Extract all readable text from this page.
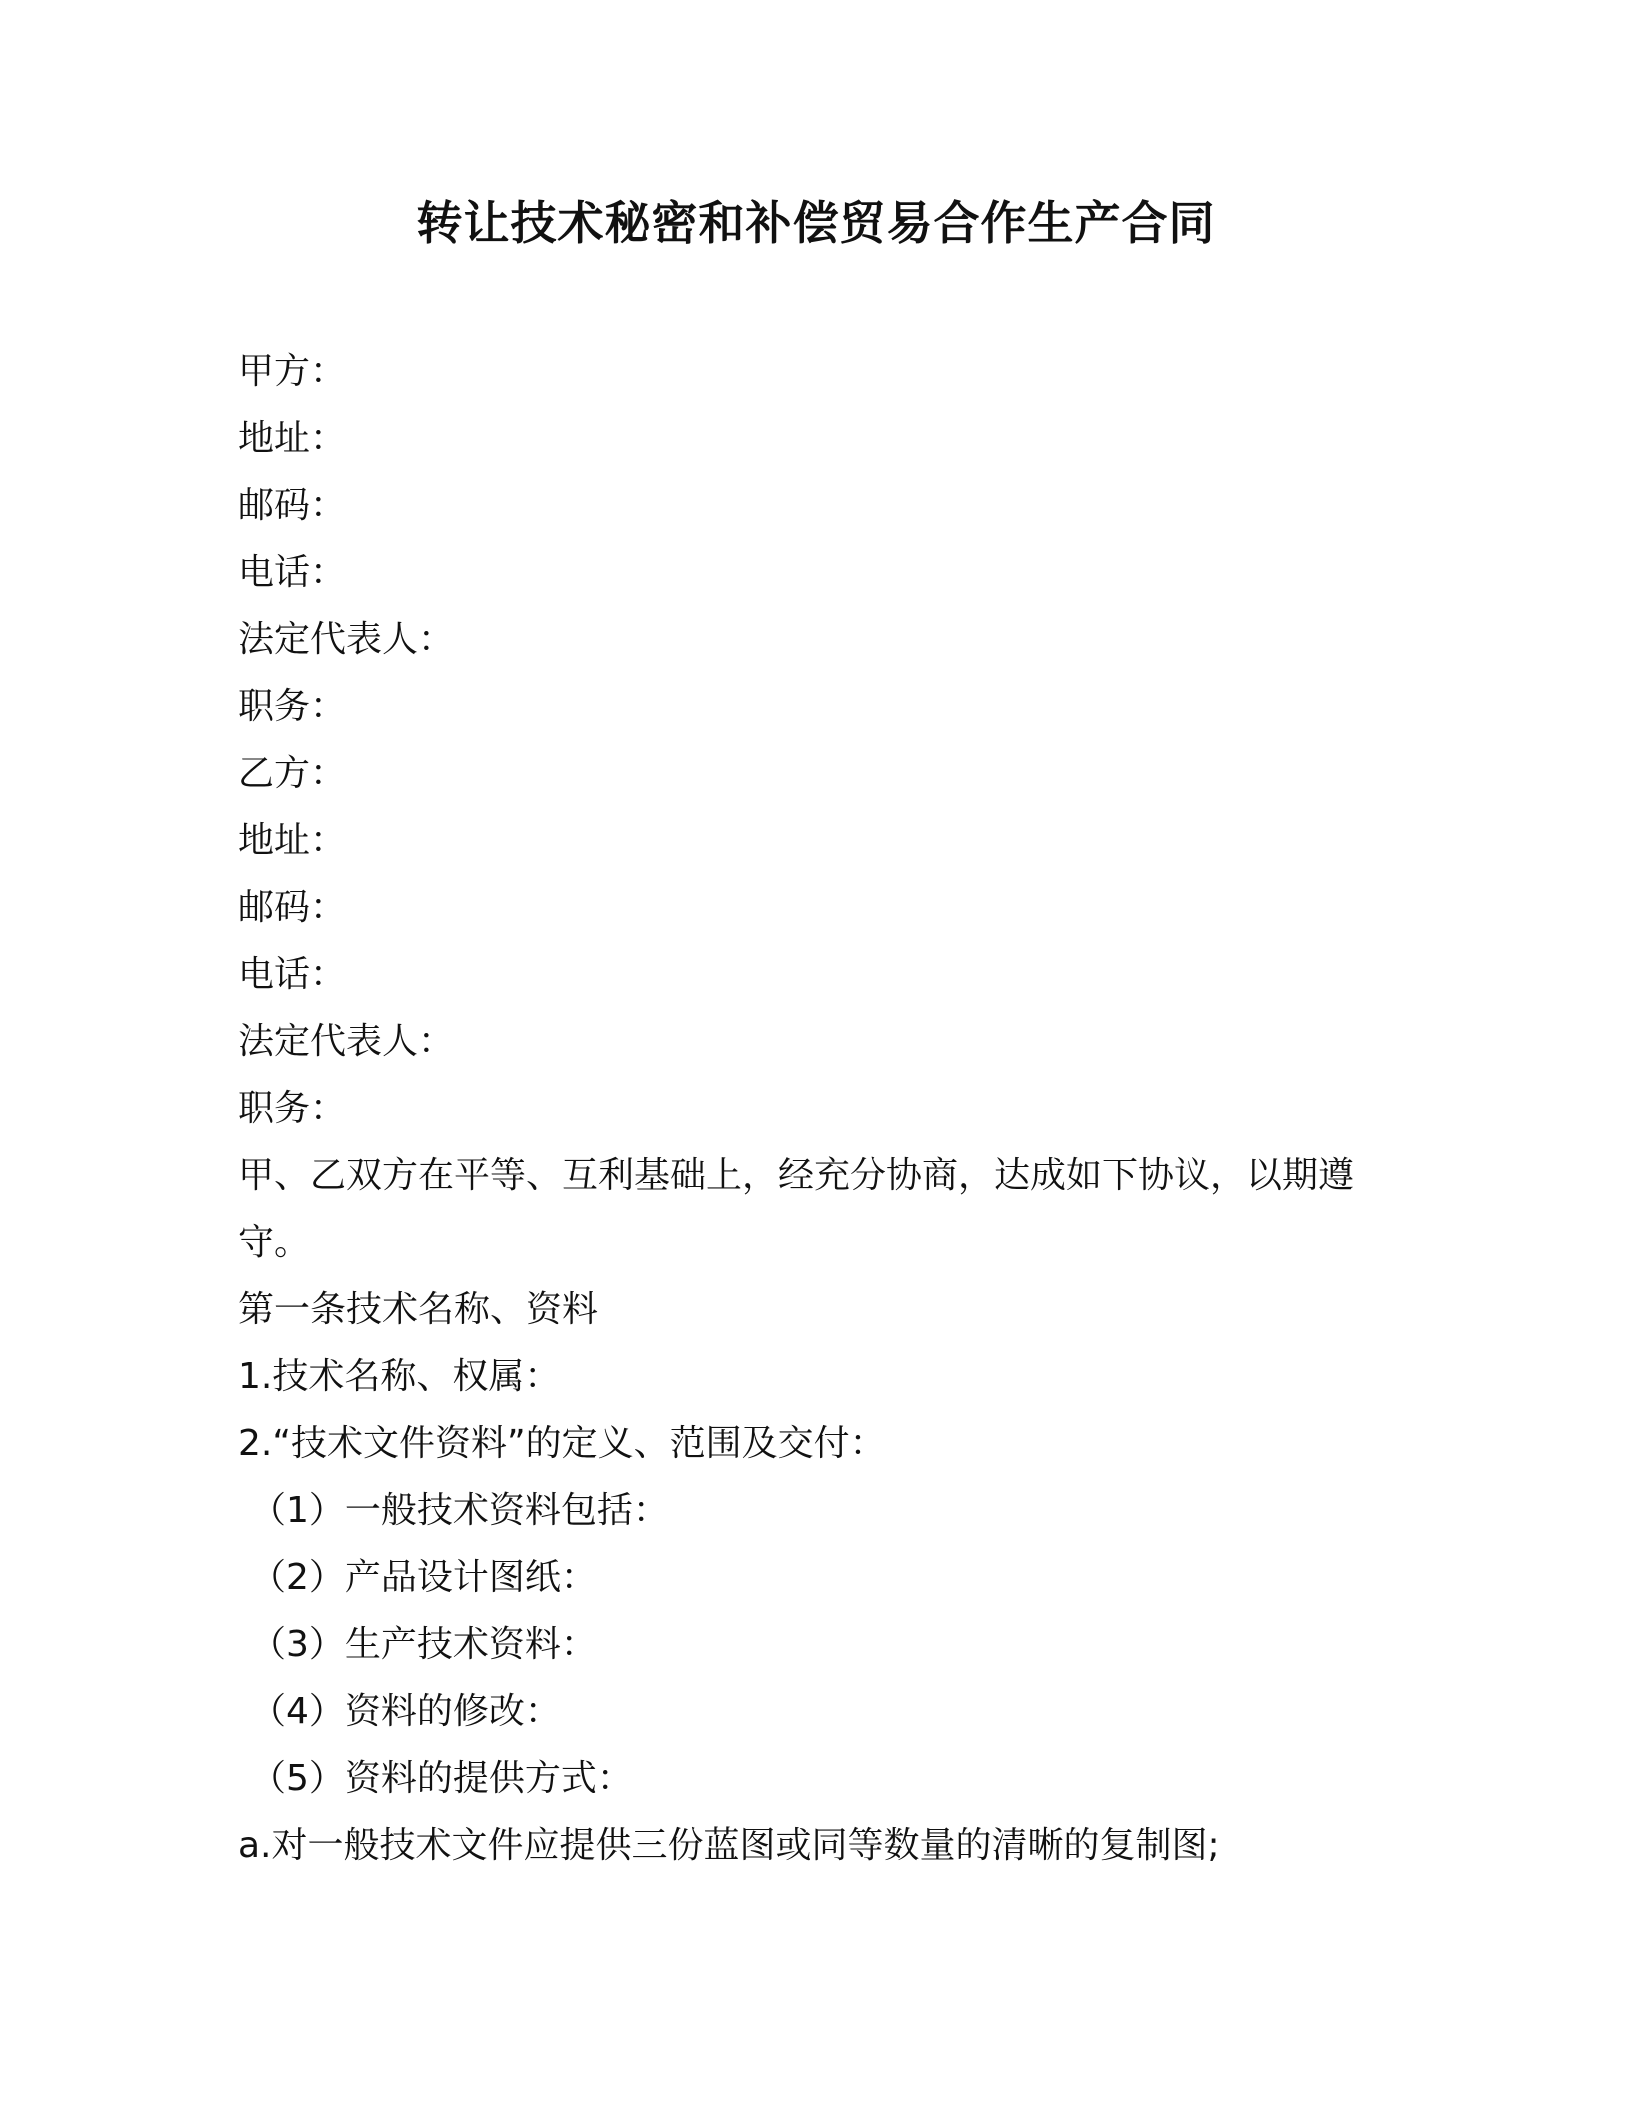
转让技术秘密和补偿贸易合作生产合同
甲方：
地址：
邮码：
电话：
法定代表人：
职务：
乙方：
地址：
邮码：
电话：
法定代表人：
职务：
甲、乙双方在平等、互利基础上，经充分协商，达成如下协议，以期遵守。
第一条技术名称、资料
1.技术名称、权属：
2.“技术文件资料”的定义、范围及交付：
（1）一般技术资料包括：
（2）产品设计图纸：
（3）生产技术资料：
（4）资料的修改：
（5）资料的提供方式：
a.对一般技术文件应提供三份蓝图或同等数量的清晰的复制图;
